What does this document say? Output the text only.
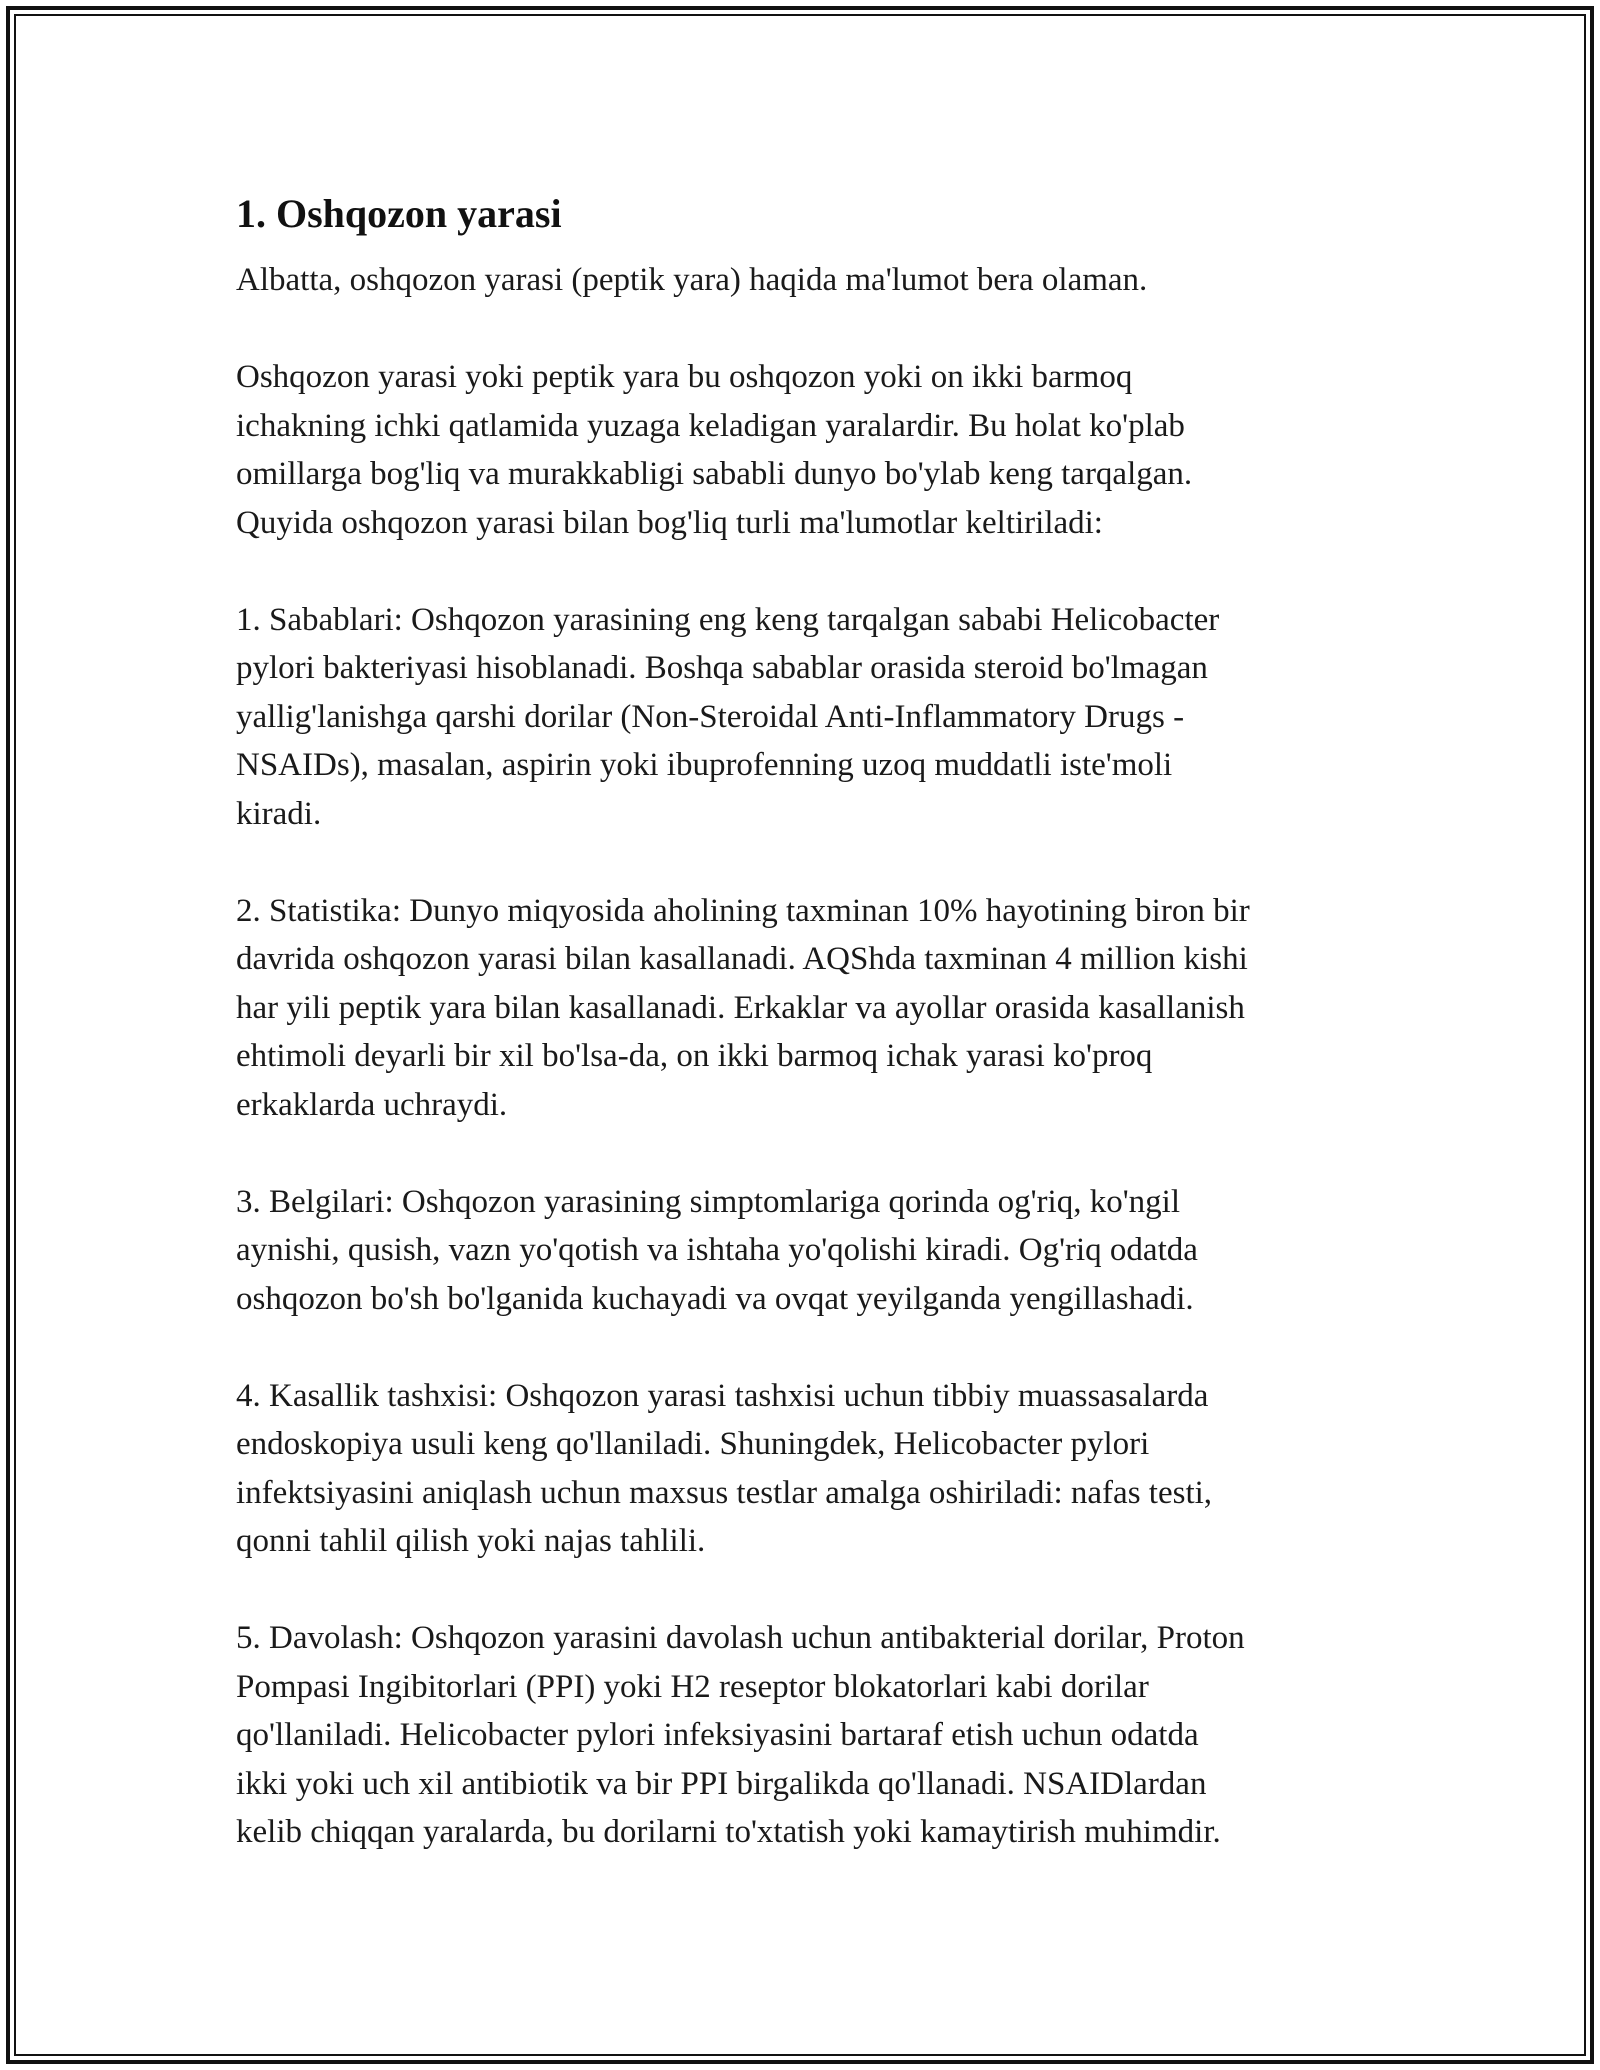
1. Oshqozon yarasi

Albatta, oshqozon yarasi (peptik yara) haqida ma'lumot bera olaman.

Oshqozon yarasi yoki peptik yara bu oshqozon yoki on ikki barmoq
ichakning ichki qatlamida yuzaga keladigan yaralardir. Bu holat ko'plab
omillarga bog'liq va murakkabligi sababli dunyo bo'ylab keng tarqalgan.
Quyida oshqozon yarasi bilan bog'liq turli ma'lumotlar keltiriladi:

1. Sabablari: Oshqozon yarasining eng keng tarqalgan sababi Helicobacter
pylori bakteriyasi hisoblanadi. Boshqa sabablar orasida steroid bo'lmagan
yallig'lanishga qarshi dorilar (Non-Steroidal Anti-Inflammatory Drugs -
NSAIDs), masalan, aspirin yoki ibuprofenning uzoq muddatli iste'moli
kiradi.

2. Statistika: Dunyo miqyosida aholining taxminan 10% hayotining biron bir
davrida oshqozon yarasi bilan kasallanadi. AQShda taxminan 4 million kishi
har yili peptik yara bilan kasallanadi. Erkaklar va ayollar orasida kasallanish
ehtimoli deyarli bir xil bo'lsa-da, on ikki barmoq ichak yarasi ko'proq
erkaklarda uchraydi.

3. Belgilari: Oshqozon yarasining simptomlariga qorinda og'riq, ko'ngil
aynishi, qusish, vazn yo'qotish va ishtaha yo'qolishi kiradi. Og'riq odatda
oshqozon bo'sh bo'lganida kuchayadi va ovqat yeyilganda yengillashadi.

4. Kasallik tashxisi: Oshqozon yarasi tashxisi uchun tibbiy muassasalarda
endoskopiya usuli keng qo'llaniladi. Shuningdek, Helicobacter pylori
infektsiyasini aniqlash uchun maxsus testlar amalga oshiriladi: nafas testi,
qonni tahlil qilish yoki najas tahlili.

5. Davolash: Oshqozon yarasini davolash uchun antibakterial dorilar, Proton
Pompasi Ingibitorlari (PPI) yoki H2 reseptor blokatorlari kabi dorilar
qo'llaniladi. Helicobacter pylori infeksiyasini bartaraf etish uchun odatda
ikki yoki uch xil antibiotik va bir PPI birgalikda qo'llanadi. NSAIDlardan
kelib chiqqan yaralarda, bu dorilarni to'xtatish yoki kamaytirish muhimdir.
